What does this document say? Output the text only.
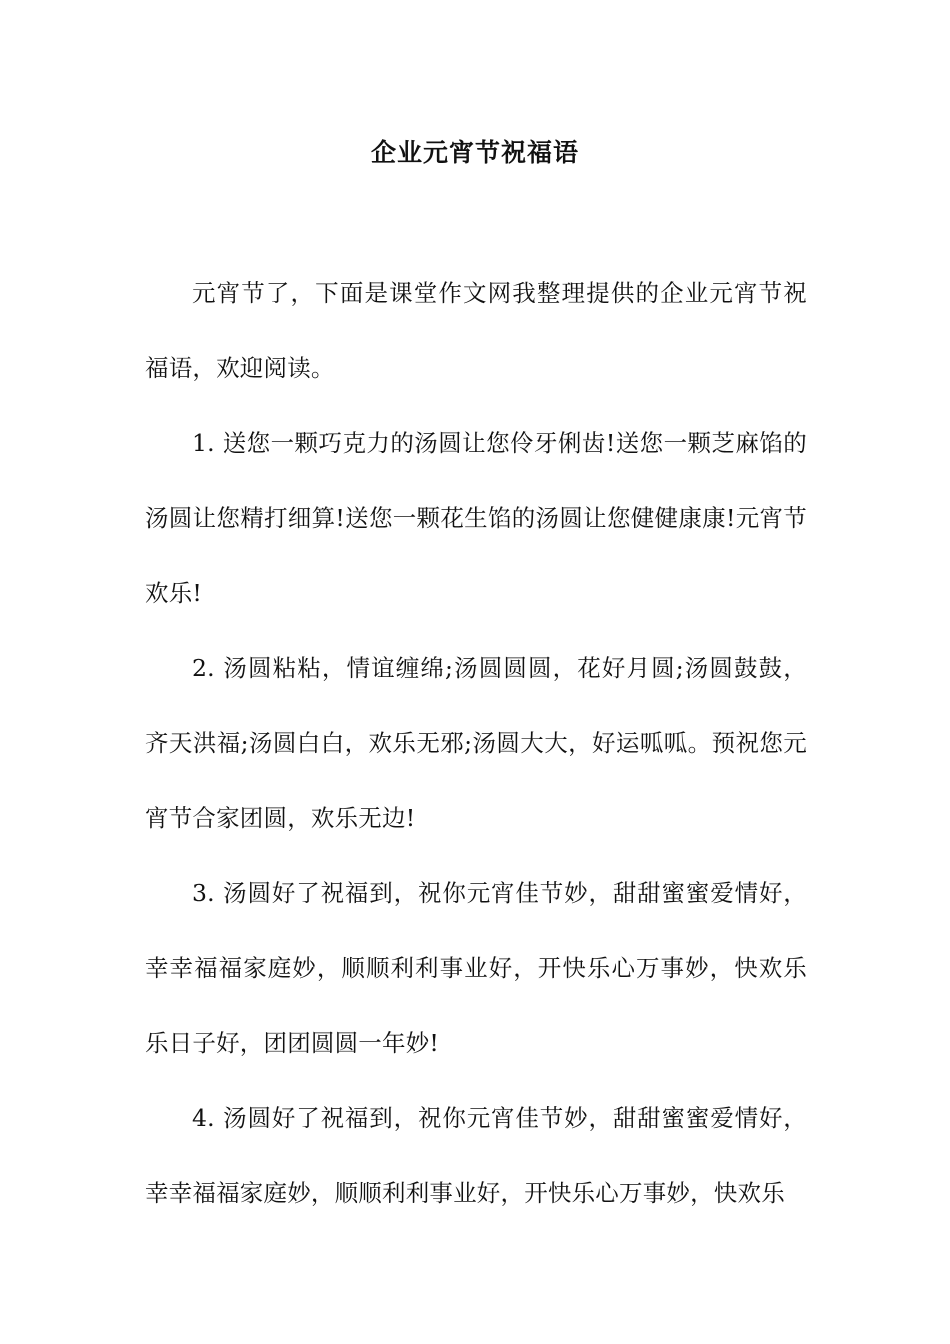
企业元宵节祝福语

元宵节了，下面是课堂作文网我整理提供的企业元宵节祝福语，欢迎阅读。

1. 送您一颗巧克力的汤圆让您伶牙俐齿!送您一颗芝麻馅的汤圆让您精打细算!送您一颗花生馅的汤圆让您健健康康!元宵节欢乐!

2. 汤圆粘粘，情谊缠绵;汤圆圆圆，花好月圆;汤圆鼓鼓，齐天洪福;汤圆白白，欢乐无邪;汤圆大大，好运呱呱。预祝您元宵节合家团圆，欢乐无边!

3. 汤圆好了祝福到，祝你元宵佳节妙，甜甜蜜蜜爱情好，幸幸福福家庭妙，顺顺利利事业好，开快乐心万事妙，快欢乐乐日子好，团团圆圆一年妙!

4. 汤圆好了祝福到，祝你元宵佳节妙，甜甜蜜蜜爱情好，幸幸福福家庭妙，顺顺利利事业好，开快乐心万事妙，快欢乐
